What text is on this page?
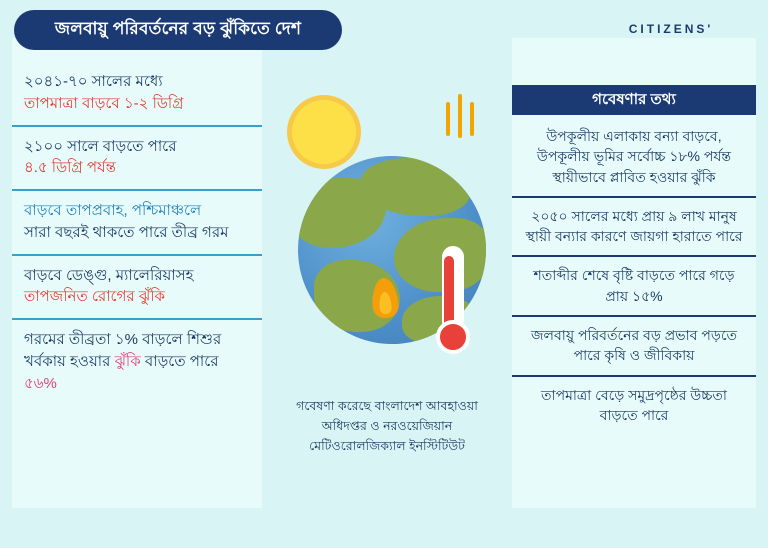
CITIZENS'
জলবায়ু পরিবর্তনের বড় ঝুঁকিতে দেশ
২০৪১-৭০ সালের মধ্যে
তাপমাত্রা বাড়বে ১-২ ডিগ্রি
২১০০ সালে বাড়তে পারে
৪.৫ ডিগ্রি পর্যন্ত
বাড়বে তাপপ্রবাহ, পশ্চিমাঞ্চলে
সারা বছরই থাকতে পারে তীব্র গরম
বাড়বে ডেঙ্গু, ম্যালেরিয়াসহ
তাপজনিত রোগের ঝুঁকি
গরমের তীব্রতা ১% বাড়লে শিশুর
খর্বকায় হওয়ার ঝুঁকি বাড়তে পারে
৫৬%
গবেষণা করেছে বাংলাদেশ আবহাওয়া
অধিদপ্তর ও নরওয়েজিয়ান
মেটিওরোলজিক্যাল ইনস্টিটিউট
গবেষণার তথ্য
উপকূলীয় এলাকায় বন্যা বাড়বে, উপকূলীয় ভূমির সর্বোচ্চ ১৮% পর্যন্ত স্থায়ীভাবে প্লাবিত হওয়ার ঝুঁকি
২০৫০ সালের মধ্যে প্রায় ৯ লাখ মানুষ স্থায়ী বন্যার কারণে জায়গা হারাতে পারে
শতাব্দীর শেষে বৃষ্টি বাড়তে পারে গড়ে প্রায় ১৫%
জলবায়ু পরিবর্তনের বড় প্রভাব পড়তে পারে কৃষি ও জীবিকায়
তাপমাত্রা বেড়ে সমুদ্রপৃষ্ঠের উচ্চতা বাড়তে পারে
